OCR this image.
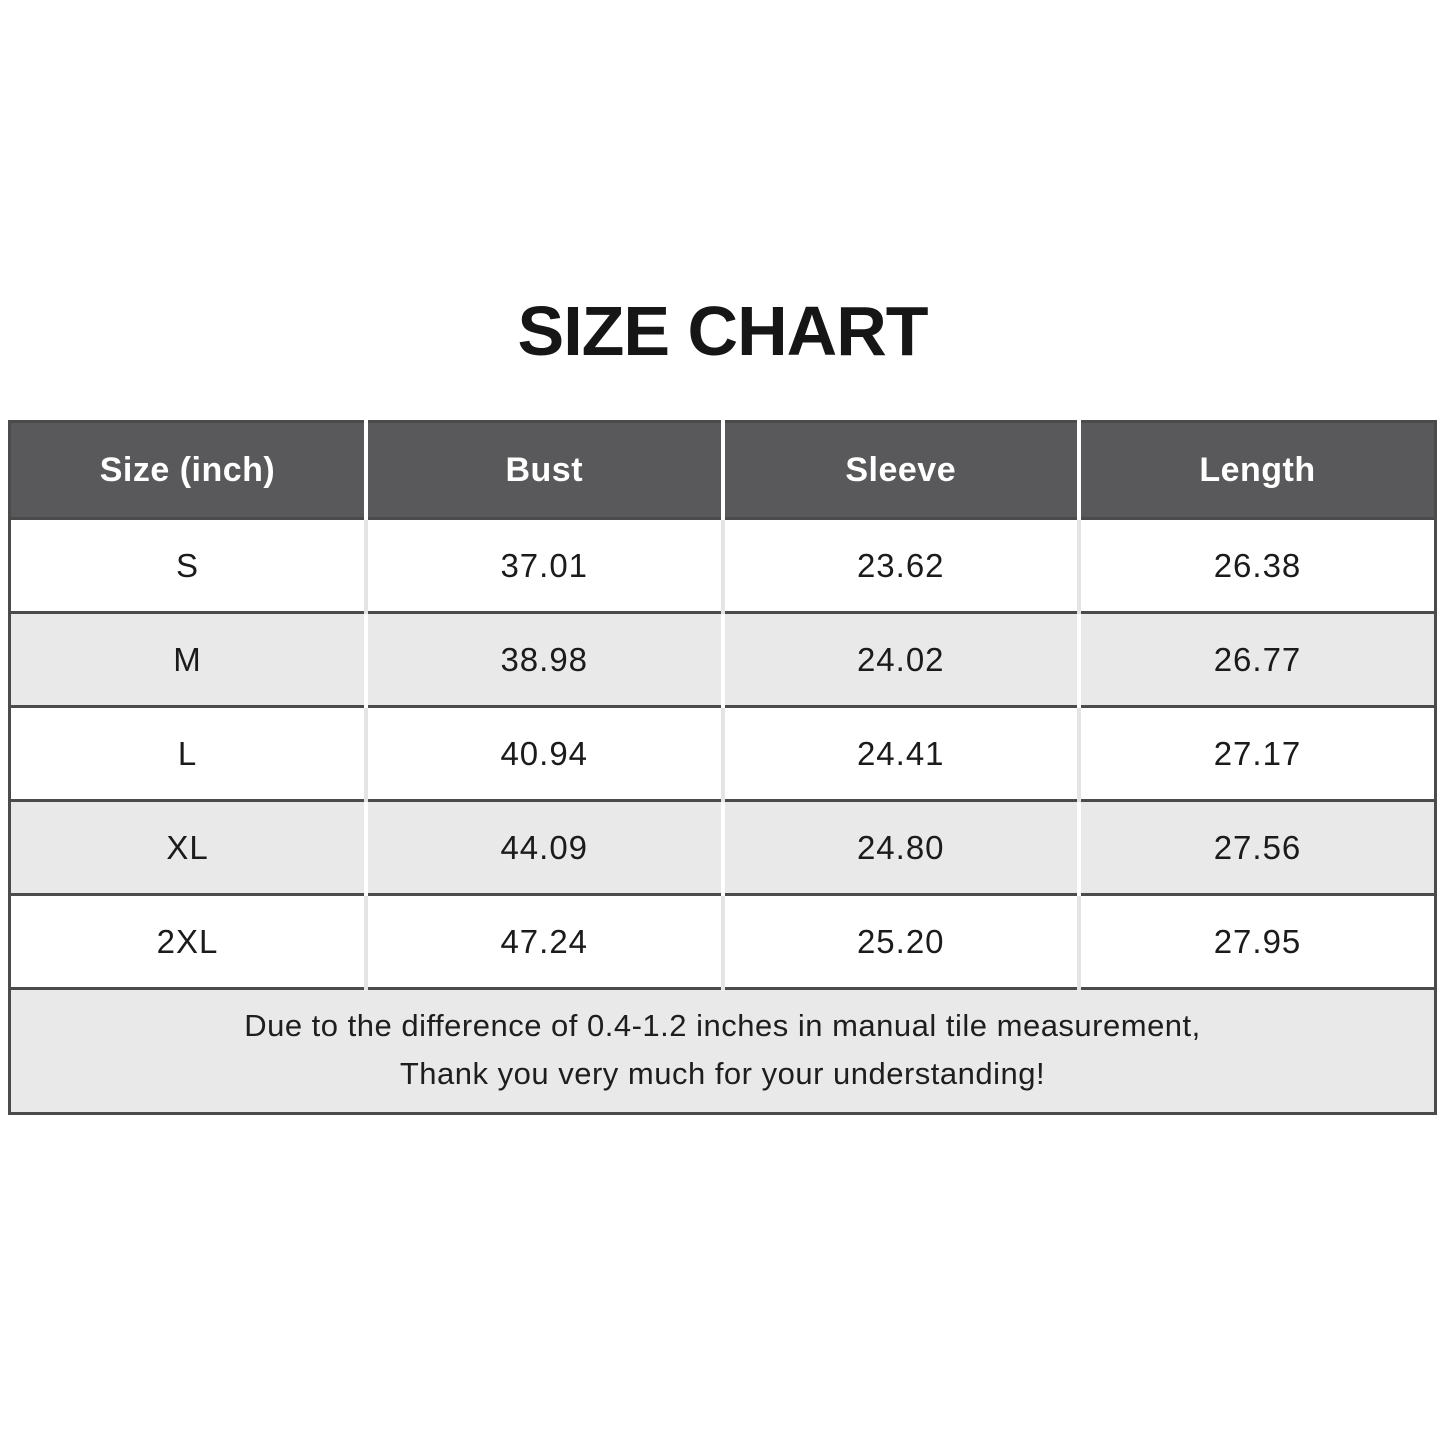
SIZE CHART
Size (inch)	Bust	Sleeve	Length
S	37.01	23.62	26.38
M	38.98	24.02	26.77
L	40.94	24.41	27.17
XL	44.09	24.80	27.56
2XL	47.24	25.20	27.95

Due to the difference of 0.4-1.2 inches in manual tile measurement,
Thank you very much for your understanding!			
